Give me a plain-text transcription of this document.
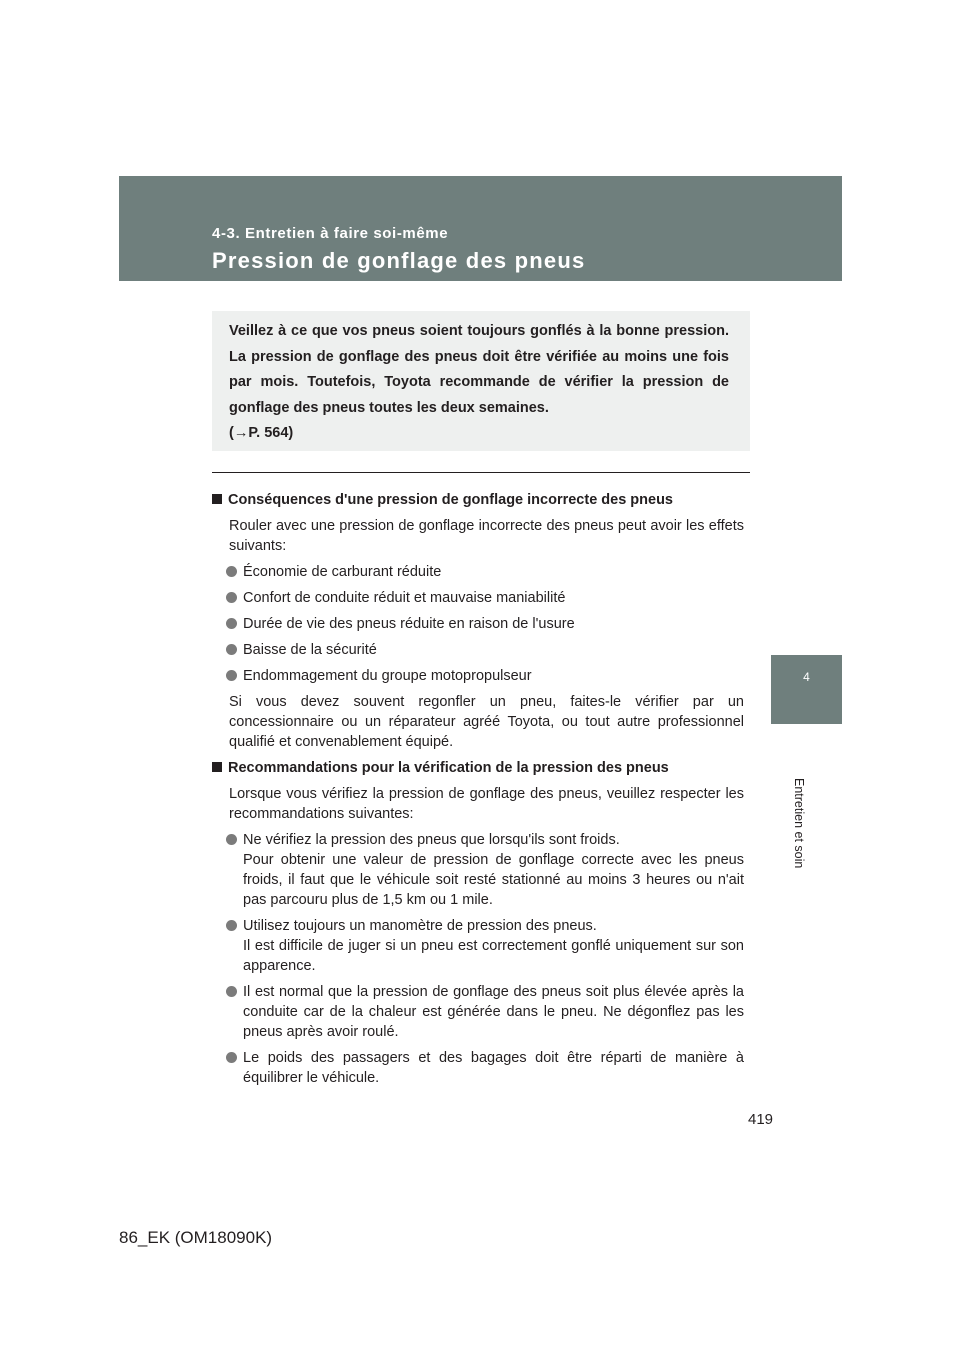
4-3. Entretien à faire soi-même
Pression de gonflage des pneus
4
Entretien et soin
Veillez à ce que vos pneus soient toujours gonflés à la bonne pression. La pression de gonflage des pneus doit être vérifiée au moins une fois par mois. Toutefois, Toyota recommande de vérifier la pression de gonflage des pneus toutes les deux semaines.
(→P. 564)
Conséquences d'une pression de gonflage incorrecte des pneus
Rouler avec une pression de gonflage incorrecte des pneus peut avoir les effets suivants:
Économie de carburant réduite
Confort de conduite réduit et mauvaise maniabilité
Durée de vie des pneus réduite en raison de l'usure
Baisse de la sécurité
Endommagement du groupe motopropulseur
Si vous devez souvent regonfler un pneu, faites-le vérifier par un concessionnaire ou un réparateur agréé Toyota, ou tout autre professionnel qualifié et convenablement équipé.
Recommandations pour la vérification de la pression des pneus
Lorsque vous vérifiez la pression de gonflage des pneus, veuillez respecter les recommandations suivantes:
Ne vérifiez la pression des pneus que lorsqu'ils sont froids.
Pour obtenir une valeur de pression de gonflage correcte avec les pneus froids, il faut que le véhicule soit resté stationné au moins 3 heures ou n'ait pas parcouru plus de 1,5 km ou 1 mile.
Utilisez toujours un manomètre de pression des pneus.
Il est difficile de juger si un pneu est correctement gonflé uniquement sur son apparence.
Il est normal que la pression de gonflage des pneus soit plus élevée après la conduite car de la chaleur est générée dans le pneu. Ne dégonflez pas les pneus après avoir roulé.
Le poids des passagers et des bagages doit être réparti de manière à équilibrer le véhicule.
419
86_EK (OM18090K)
